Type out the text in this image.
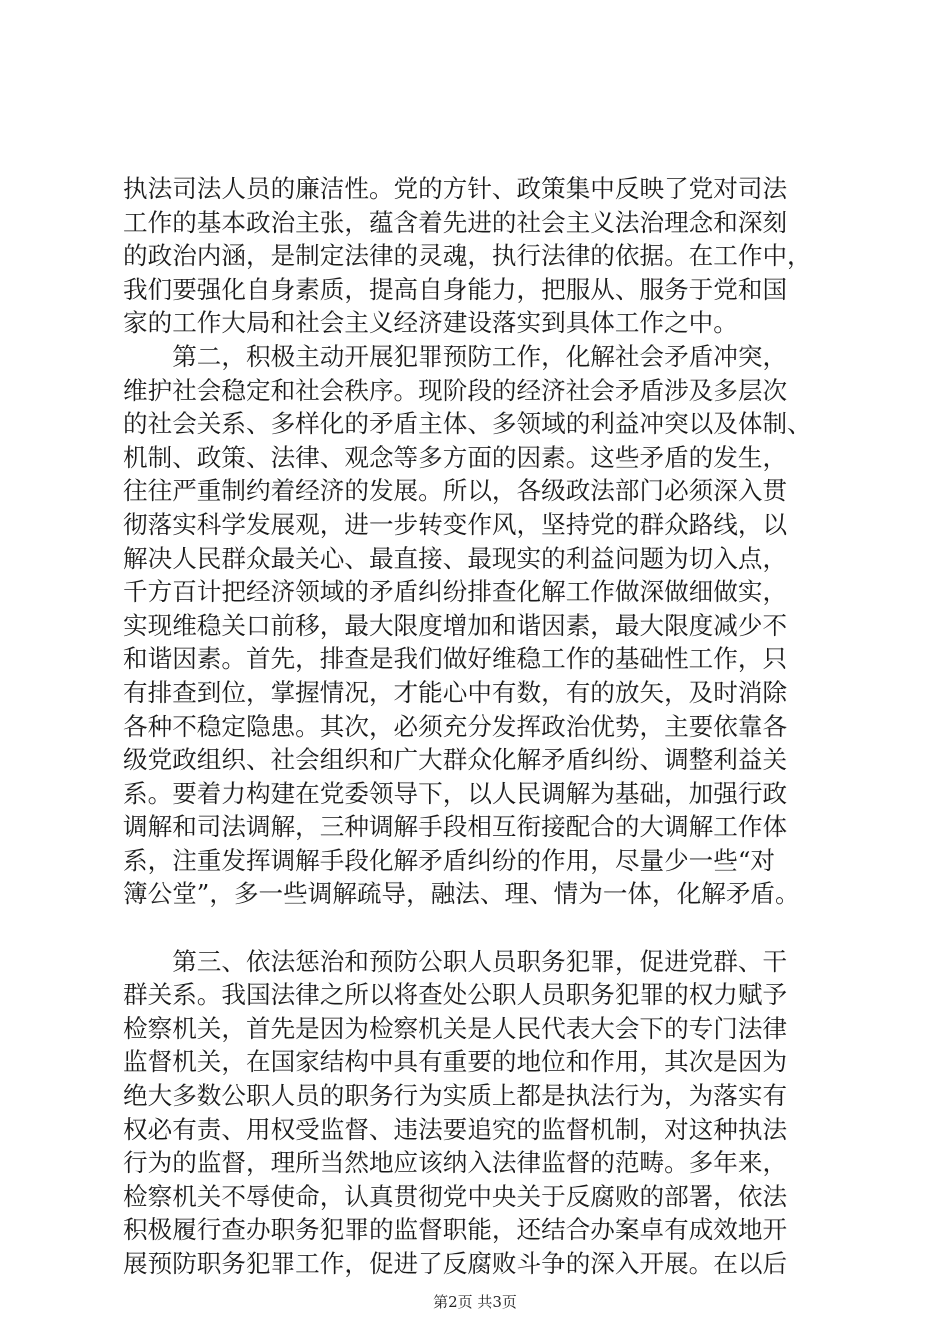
执法司法人员的廉洁性。党的方针、政策集中反映了党对司法
工作的基本政治主张，蕴含着先进的社会主义法治理念和深刻
的政治内涵，是制定法律的灵魂，执行法律的依据。在工作中，
我们要强化自身素质，提高自身能力，把服从、服务于党和国
家的工作大局和社会主义经济建设落实到具体工作之中。
　　第二，积极主动开展犯罪预防工作，化解社会矛盾冲突，
维护社会稳定和社会秩序。现阶段的经济社会矛盾涉及多层次
的社会关系、多样化的矛盾主体、多领域的利益冲突以及体制、
机制、政策、法律、观念等多方面的因素。这些矛盾的发生，
往往严重制约着经济的发展。所以，各级政法部门必须深入贯
彻落实科学发展观，进一步转变作风，坚持党的群众路线，以
解决人民群众最关心、最直接、最现实的利益问题为切入点，
千方百计把经济领域的矛盾纠纷排查化解工作做深做细做实，
实现维稳关口前移，最大限度增加和谐因素，最大限度减少不
和谐因素。首先，排查是我们做好维稳工作的基础性工作，只
有排查到位，掌握情况，才能心中有数，有的放矢，及时消除
各种不稳定隐患。其次，必须充分发挥政治优势，主要依靠各
级党政组织、社会组织和广大群众化解矛盾纠纷、调整利益关
系。要着力构建在党委领导下，以人民调解为基础，加强行政
调解和司法调解，三种调解手段相互衔接配合的大调解工作体
系，注重发挥调解手段化解矛盾纠纷的作用，尽量少一些“对
簿公堂”，多一些调解疏导，融法、理、情为一体，化解矛盾。
　　第三、依法惩治和预防公职人员职务犯罪，促进党群、干
群关系。我国法律之所以将查处公职人员职务犯罪的权力赋予
检察机关，首先是因为检察机关是人民代表大会下的专门法律
监督机关，在国家结构中具有重要的地位和作用，其次是因为
绝大多数公职人员的职务行为实质上都是执法行为，为落实有
权必有责、用权受监督、违法要追究的监督机制，对这种执法
行为的监督，理所当然地应该纳入法律监督的范畴。多年来，
检察机关不辱使命，认真贯彻党中央关于反腐败的部署，依法
积极履行查办职务犯罪的监督职能，还结合办案卓有成效地开
展预防职务犯罪工作，促进了反腐败斗争的深入开展。在以后
第2页 共3页
